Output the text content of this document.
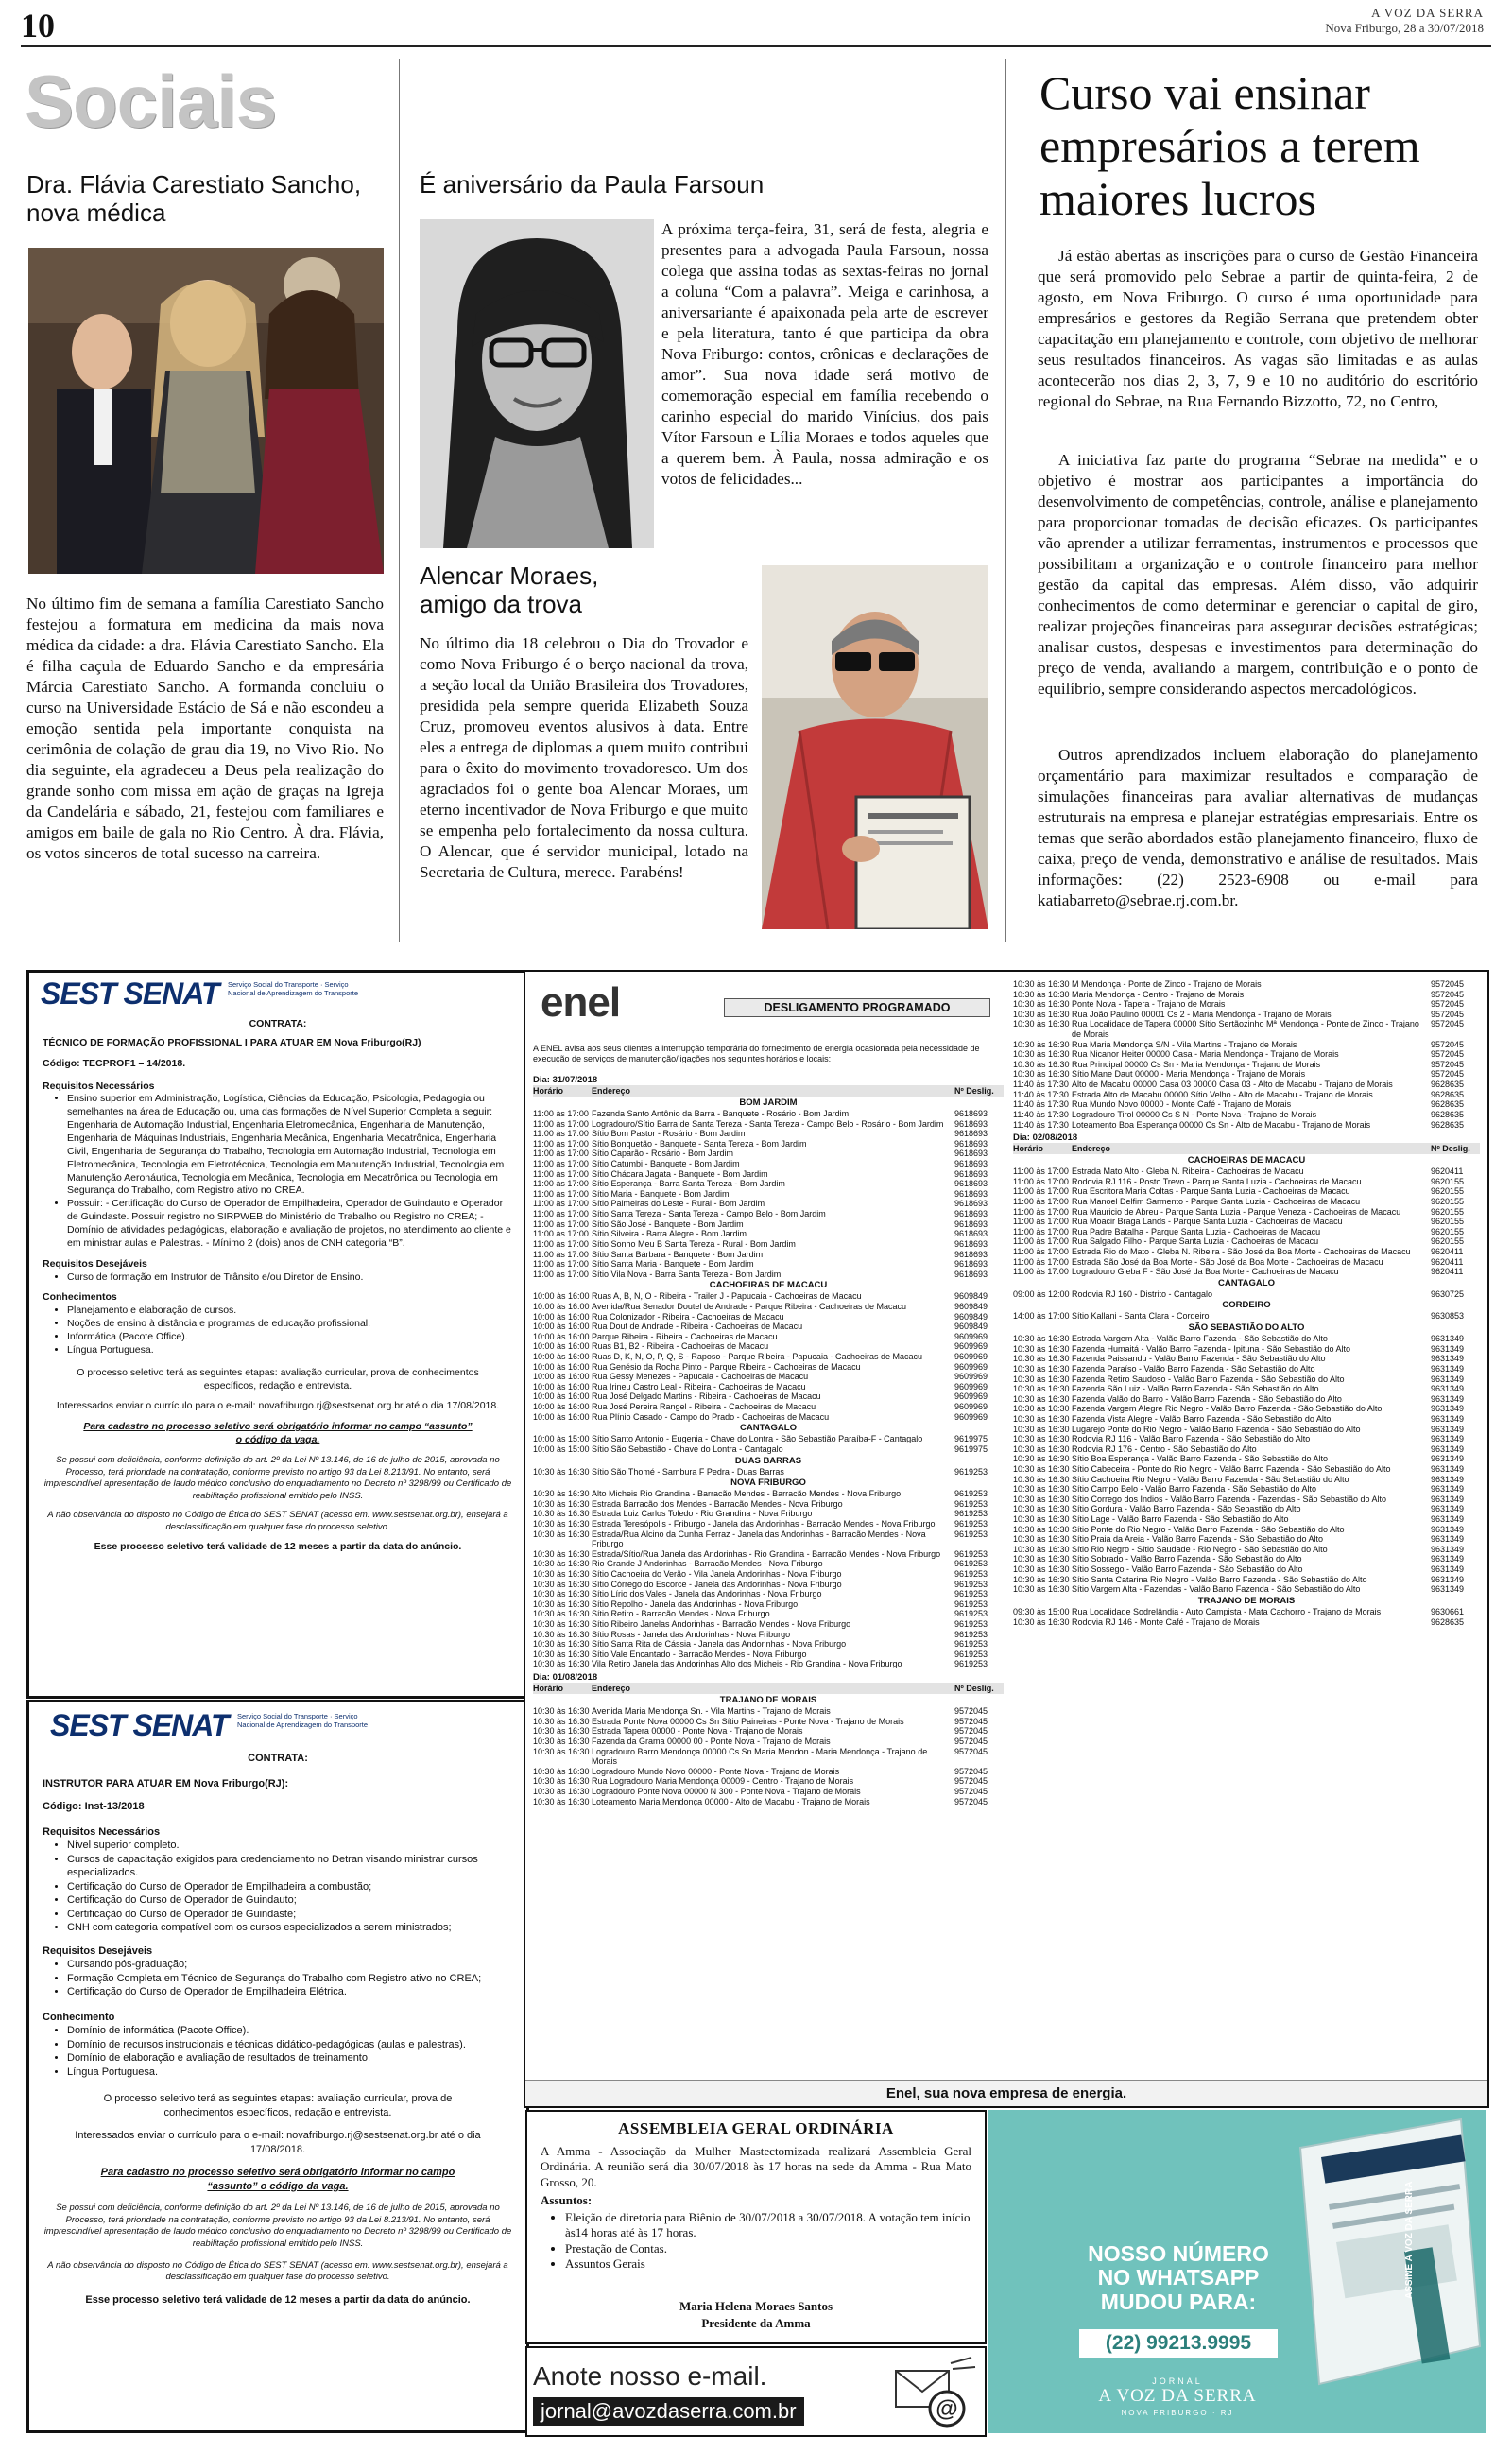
10	A VOZ DA SERRA
Nova Friburgo, 28 a 30/07/2018
Sociais
Dra. Flávia Carestiato Sancho, nova médica
No último fim de semana a família Carestiato Sancho festejou a formatura em medicina da mais nova médica da cidade: a dra. Flávia Carestiato Sancho. Ela é filha caçula de Eduardo Sancho e da empresária Márcia Carestiato Sancho. A formanda concluiu o curso na Universidade Estácio de Sá e não escondeu a emoção sentida pela importante conquista na cerimônia de colação de grau dia 19, no Vivo Rio. No dia seguinte, ela agradeceu a Deus pela realização do grande sonho com missa em ação de graças na Igreja da Candelária e sábado, 21, festejou com familiares e amigos em baile de gala no Rio Centro. À dra. Flávia, os votos sinceros de total sucesso na carreira.
É aniversário da Paula Farsoun
A próxima terça-feira, 31, será de festa, alegria e presentes para a advogada Paula Farsoun, nossa colega que assina todas as sextas-feiras no jornal a coluna “Com a palavra”. Meiga e carinhosa, a aniversariante é apaixonada pela arte de escrever e pela literatura, tanto é que participa da obra Nova Friburgo: contos, crônicas e declarações de amor”. Sua nova idade será motivo de comemoração especial em família recebendo o carinho especial do marido Vinícius, dos pais Vítor Farsoun e Lília Moraes e todos aqueles que a querem bem. À Paula, nossa admiração e os votos de felicidades...
Alencar Moraes, amigo da trova
No último dia 18 celebrou o Dia do Trovador e como Nova Friburgo é o berço nacional da trova, a seção local da União Brasileira dos Trovadores, presidida pela sempre querida Elizabeth Souza Cruz, promoveu eventos alusivos à data. Entre eles a entrega de diplomas a quem muito contribui para o êxito do movimento trovadoresco. Um dos agraciados foi o gente boa Alencar Moraes, um eterno incentivador de Nova Friburgo e que muito se empenha pelo fortalecimento da nossa cultura. O Alencar, que é servidor municipal, lotado na Secretaria de Cultura, merece. Parabéns!
Curso vai ensinar empresários a terem maiores lucros
Já estão abertas as inscrições para o curso de Gestão Financeira que será promovido pelo Sebrae a partir de quinta-feira, 2 de agosto, em Nova Friburgo. O curso é uma oportunidade para empresários e gestores da Região Serrana que pretendem obter capacitação em planejamento e controle, com objetivo de melhorar seus resultados financeiros. As vagas são limitadas e as aulas acontecerão nos dias 2, 3, 7, 9 e 10 no auditório do escritório regional do Sebrae, na Rua Fernando Bizzotto, 72, no Centro,
A iniciativa faz parte do programa “Sebrae na medida” e o objetivo é mostrar aos participantes a importância do desenvolvimento de competências, controle, análise e planejamento para proporcionar tomadas de decisão eficazes. Os participantes vão aprender a utilizar ferramentas, instrumentos e processos que possibilitam a organização e o controle financeiro para melhor gestão da capital das empresas. Além disso, vão adquirir conhecimentos de como determinar e gerenciar o capital de giro, realizar projeções financeiras para assegurar decisões estratégicas; analisar custos, despesas e investimentos para determinação do preço de venda, avaliando a margem, contribuição e o ponto de equilíbrio, sempre considerando aspectos mercadológicos.
Outros aprendizados incluem elaboração do planejamento orçamentário para maximizar resultados e comparação de simulações financeiras para avaliar alternativas de mudanças estruturais na empresa e planejar estratégias empresariais. Entre os temas que serão abordados estão planejamento financeiro, fluxo de caixa, preço de venda, demonstrativo e análise de resultados. Mais informações: (22) 2523-6908 ou e-mail para katiabarreto@sebrae.rj.com.br.
SEST SENAT Serviço Social do Transporte · Serviço Nacional de Aprendizagem do Transporte
CONTRATA:
TÉCNICO DE FORMAÇÃO PROFISSIONAL I PARA ATUAR EM Nova Friburgo(RJ)
Código: TECPROF1 – 14/2018.
Requisitos Necessários
• Ensino superior em Administração, Logística, Ciências da Educação, Psicologia, Pedagogia ou semelhantes na área de Educação ou, uma das formações de Nível Superior Completa a seguir: Engenharia de Automação Industrial, Engenharia Eletromecânica, Engenharia de Manutenção, Engenharia de Máquinas Industriais, Engenharia Mecânica, Engenharia Mecatrônica, Engenharia Civil, Engenharia de Segurança do Trabalho, Tecnologia em Automação Industrial, Tecnologia em Eletromecânica, Tecnologia em Eletrotécnica, Tecnologia em Manutenção Industrial, Tecnologia em Manutenção Aeronáutica, Tecnologia em Mecânica, Tecnologia em Mecatrônica ou Tecnologia em Segurança do Trabalho, com Registro ativo no CREA.
• Possuir: - Certificação do Curso de Operador de Empilhadeira, Operador de Guindauto e Operador de Guindaste. Possuir registro no SIRPWEB do Ministério do Trabalho ou Registro no CREA; - Domínio de atividades pedagógicas, elaboração e avaliação de projetos, no atendimento ao cliente e em ministrar aulas e Palestras. - Mínimo 2 (dois) anos de CNH categoria “B”.
Requisitos Desejáveis
• Curso de formação em Instrutor de Trânsito e/ou Diretor de Ensino.
Conhecimentos
• Planejamento e elaboração de cursos.
• Noções de ensino à distância e programas de educação profissional.
• Informática (Pacote Office).
• Língua Portuguesa.
O processo seletivo terá as seguintes etapas: avaliação curricular, prova de conhecimentos específicos, redação e entrevista.
Interessados enviar o currículo para o e-mail: novafriburgo.rj@sestsenat.org.br até o dia 17/08/2018.
Para cadastro no processo seletivo será obrigatório informar no campo “assunto” o código da vaga.
Se possui com deficiência, conforme definição do art. 2º da Lei Nº 13.146, de 16 de julho de 2015, aprovada no Processo, terá prioridade na contratação, conforme previsto no artigo 93 da Lei 8.213/91. No entanto, será imprescindível apresentação de laudo médico conclusivo do enquadramento no Decreto nº 3298/99 ou Certificado de reabilitação profissional emitido pelo INSS.
A não observância do disposto no Código de Ética do SEST SENAT (acesso em: www.sestsenat.org.br), ensejará a desclassificação em qualquer fase do processo seletivo.
Esse processo seletivo terá validade de 12 meses a partir da data do anúncio.
SEST SENAT Serviço Social do Transporte · Serviço Nacional de Aprendizagem do Transporte
CONTRATA:
INSTRUTOR PARA ATUAR EM Nova Friburgo(RJ):
Código: Inst-13/2018
Requisitos Necessários
• Nível superior completo.
• Cursos de capacitação exigidos para credenciamento no Detran visando ministrar cursos especializados.
• Certificação do Curso de Operador de Empilhadeira a combustão;
• Certificação do Curso de Operador de Guindauto;
• Certificação do Curso de Operador de Guindaste;
• CNH com categoria compatível com os cursos especializados a serem ministrados;
Requisitos Desejáveis
• Cursando pós-graduação;
• Formação Completa em Técnico de Segurança do Trabalho com Registro ativo no CREA;
• Certificação do Curso de Operador de Empilhadeira Elétrica.
Conhecimento
• Domínio de informática (Pacote Office).
• Domínio de recursos instrucionais e técnicas didático-pedagógicas (aulas e palestras).
• Domínio de elaboração e avaliação de resultados de treinamento.
• Língua Portuguesa.
O processo seletivo terá as seguintes etapas: avaliação curricular, prova de conhecimentos específicos, redação e entrevista.
Interessados enviar o currículo para o e-mail: novafriburgo.rj@sestsenat.org.br até o dia 17/08/2018.
Para cadastro no processo seletivo será obrigatório informar no campo “assunto” o código da vaga.
Se possui com deficiência, conforme definição do art. 2º da Lei Nº 13.146, de 16 de julho de 2015, aprovada no Processo, terá prioridade na contratação, conforme previsto no artigo 93 da Lei 8.213/91. No entanto, será imprescindível apresentação de laudo médico conclusivo do enquadramento no Decreto nº 3298/99 ou Certificado de reabilitação profissional emitido pelo INSS.
A não observância do disposto no Código de Ética do SEST SENAT (acesso em: www.sestsenat.org.br), ensejará a desclassificação em qualquer fase do processo seletivo.
Esse processo seletivo terá validade de 12 meses a partir da data do anúncio.
enel	DESLIGAMENTO PROGRAMADO
A ENEL avisa aos seus clientes a interrupção temporária do fornecimento de energia ocasionada pela necessidade de execução de serviços de manutenção/ligações nos seguintes horários e locais:
Dia: 31/07/2018
Horário	Endereço	Nº Deslig.
BOM JARDIM
11:00 às 17:00 Fazenda Santo Antônio da Barra - Banquete - Rosário - Bom Jardim	9618693
11:00 às 17:00 Logradouro/Sítio Barra de Santa Tereza - Santa Tereza - Campo Belo - Rosário - Bom Jardim	9618693
11:00 às 17:00 Sítio Bom Pastor - Rosário - Bom Jardim	9618693
11:00 às 17:00 Sítio Bonquetão - Banquete - Santa Tereza - Bom Jardim	9618693
11:00 às 17:00 Sítio Caparão - Rosário - Bom Jardim	9618693
11:00 às 17:00 Sítio Catumbi - Banquete - Bom Jardim	9618693
11:00 às 17:00 Sítio Chácara Jagata - Banquete - Bom Jardim	9618693
11:00 às 17:00 Sítio Esperança - Barra Santa Tereza - Bom Jardim	9618693
11:00 às 17:00 Sítio Maria - Banquete - Bom Jardim	9618693
11:00 às 17:00 Sítio Palmeiras do Leste - Rural - Bom Jardim	9618693
11:00 às 17:00 Sítio Santa Tereza - Santa Tereza - Campo Belo - Bom Jardim	9618693
11:00 às 17:00 Sítio São José - Banquete - Bom Jardim	9618693
11:00 às 17:00 Sítio Silveira - Barra Alegre - Bom Jardim	9618693
11:00 às 17:00 Sítio Sonho Meu B Santa Tereza - Rural - Bom Jardim	9618693
11:00 às 17:00 Sítio Santa Bárbara - Banquete - Bom Jardim	9618693
11:00 às 17:00 Sítio Santa Maria - Banquete - Bom Jardim	9618693
11:00 às 17:00 Sítio Vila Nova - Barra Santa Tereza - Bom Jardim	9618693
CACHOEIRAS DE MACACU
10:00 às 16:00 Ruas A, B, N, O - Ribeira - Trailer J - Papucaia - Cachoeiras de Macacu	9609849
10:00 às 16:00 Avenida/Rua Senador Doutel de Andrade - Parque Ribeira - Cachoeiras de Macacu	9609849
10:00 às 16:00 Rua Colonizador - Ribeira - Cachoeiras de Macacu	9609849
10:00 às 16:00 Rua Dout de Andrade - Ribeira - Cachoeiras de Macacu	9609849
10:00 às 16:00 Parque Ribeira - Ribeira - Cachoeiras de Macacu	9609969
10:00 às 16:00 Ruas B1, B2 - Ribeira - Cachoeiras de Macacu	9609969
10:00 às 16:00 Ruas D, K, N, O, P, Q, S - Raposo - Parque Ribeira - Papucaia - Cachoeiras de Macacu	9609969
10:00 às 16:00 Rua Genésio da Rocha Pinto - Parque Ribeira - Cachoeiras de Macacu	9609969
10:00 às 16:00 Rua Gessy Menezes - Papucaia - Cachoeiras de Macacu	9609969
10:00 às 16:00 Rua Irineu Castro Leal - Ribeira - Cachoeiras de Macacu	9609969
10:00 às 16:00 Rua José Delgado Martins - Ribeira - Cachoeiras de Macacu	9609969
10:00 às 16:00 Rua José Pereira Rangel - Ribeira - Cachoeiras de Macacu	9609969
10:00 às 16:00 Rua Plínio Casado - Campo do Prado - Cachoeiras de Macacu	9609969
CANTAGALO
10:00 às 15:00 Sítio Santo Antonio - Eugenia - Chave do Lontra - São Sebastião Paraíba-F - Cantagalo	9619975
10:00 às 15:00 Sítio São Sebastião - Chave do Lontra - Cantagalo	9619975
DUAS BARRAS
10:30 às 16:30 Sítio São Thomé - Sambura F Pedra - Duas Barras	9619253
NOVA FRIBURGO
10:30 às 16:30 Alto Micheis Rio Grandina - Barracão Mendes - Barracão Mendes - Nova Friburgo	9619253
10:30 às 16:30 Estrada Barracão dos Mendes - Barracão Mendes - Nova Friburgo	9619253
10:30 às 16:30 Estrada Luiz Carlos Toledo - Rio Grandina - Nova Friburgo	9619253
10:30 às 16:30 Estrada Teresópolis - Friburgo - Janela das Andorinhas - Barracão Mendes - Nova Friburgo	9619253
10:30 às 16:30 Estrada/Rua Alcino da Cunha Ferraz - Janela das Andorinhas - Barracão Mendes - Nova Friburgo
9619253
10:30 às 16:30 Estrada/Sítio/Rua Janela das Andorinhas - Rio Grandina - Barracão Mendes - Nova Friburgo	9619253
10:30 às 16:30 Rio Grande J Andorinhas - Barracão Mendes - Nova Friburgo	9619253
10:30 às 16:30 Sítio Cachoeira do Verão - Vila Janela Andorinhas - Nova Friburgo	9619253
10:30 às 16:30 Sítio Córrego do Escorce - Janela das Andorinhas - Nova Friburgo	9619253
10:30 às 16:30 Sítio Lírio dos Vales - Janela das Andorinhas - Nova Friburgo	9619253
10:30 às 16:30 Sítio Repolho - Janela das Andorinhas - Nova Friburgo	9619253
10:30 às 16:30 Sítio Retiro - Barracão Mendes - Nova Friburgo	9619253
10:30 às 16:30 Sítio Ribeiro Janelas Andorinhas - Barracão Mendes - Nova Friburgo	9619253
10:30 às 16:30 Sítio Rosas - Janela das Andorinhas - Nova Friburgo	9619253
10:30 às 16:30 Sítio Santa Rita de Cássia - Janela das Andorinhas - Nova Friburgo	9619253
10:30 às 16:30 Sítio Vale Encantado - Barracão Mendes - Nova Friburgo	9619253
10:30 às 16:30 Vila Retiro Janela das Andorinhas Alto dos Micheis - Rio Grandina - Nova Friburgo	9619253
Dia: 01/08/2018
Horário	Endereço	Nº Deslig.
TRAJANO DE MORAIS
10:30 às 16:30 Avenida Maria Mendonça Sn. - Vila Martins - Trajano de Morais	9572045
10:30 às 16:30 Estrada Ponte Nova 00000 Cs Sn Sítio Paineiras - Ponte Nova - Trajano de Morais	9572045
10:30 às 16:30 Estrada Tapera 00000 - Ponte Nova - Trajano de Morais	9572045
10:30 às 16:30 Fazenda da Grama 00000 00 - Ponte Nova - Trajano de Morais	9572045
10:30 às 16:30 Logradouro Barro Mendonça 00000 Cs Sn Maria Mendon - Maria Mendonça - Trajano de Morais
9572045
10:30 às 16:30 Logradouro Mundo Novo 00000 - Ponte Nova - Trajano de Morais	9572045
10:30 às 16:30 Rua Logradouro Maria Mendonça 00009 - Centro - Trajano de Morais	9572045
10:30 às 16:30 Logradouro Ponte Nova 00000 N 300 - Ponte Nova - Trajano de Morais	9572045
10:30 às 16:30 Loteamento Maria Mendonça 00000 - Alto de Macabu - Trajano de Morais	9572045
10:30 às 16:30 M Mendonça - Ponte de Zinco - Trajano de Morais	9572045
10:30 às 16:30 Maria Mendonça - Centro - Trajano de Morais	9572045
10:30 às 16:30 Ponte Nova - Tapera - Trajano de Morais	9572045
10:30 às 16:30 Rua João Paulino 00001 Cs 2 - Maria Mendonça - Trajano de Morais	9572045
10:30 às 16:30 Rua Localidade de Tapera 00000 Sítio Sertãozinho Mª Mendonça - Ponte de Zinco - Trajano de Morais
9572045
10:30 às 16:30 Rua Maria Mendonça S/N - Vila Martins - Trajano de Morais	9572045
10:30 às 16:30 Rua Nicanor Heiter 00000 Casa - Maria Mendonça - Trajano de Morais	9572045
10:30 às 16:30 Rua Principal 00000 Cs Sn - Maria Mendonça - Trajano de Morais	9572045
10:30 às 16:30 Sítio Mane Daut 00000 - Maria Mendonça - Trajano de Morais	9572045
11:40 às 17:30 Alto de Macabu 00000 Casa 03 00000 Casa 03 - Alto de Macabu - Trajano de Morais	9628635
11:40 às 17:30 Estrada Alto de Macabu 00000 Sítio Velho - Alto de Macabu - Trajano de Morais	9628635
11:40 às 17:30 Rua Mundo Novo 00000 - Monte Café - Trajano de Morais	9628635
11:40 às 17:30 Logradouro Tirol 00000 Cs S N - Ponte Nova - Trajano de Morais	9628635
11:40 às 17:30 Loteamento Boa Esperança 00000 Cs Sn - Alto de Macabu - Trajano de Morais	9628635
Dia: 02/08/2018
Horário	Endereço	Nº Deslig.
CACHOEIRAS DE MACACU
11:00 às 17:00 Estrada Mato Alto - Gleba N. Ribeira - Cachoeiras de Macacu	9620411
11:00 às 17:00 Rodovia RJ 116 - Posto Trevo - Parque Santa Luzia - Cachoeiras de Macacu	9620155
11:00 às 17:00 Rua Escritora Maria Coltas - Parque Santa Luzia - Cachoeiras de Macacu	9620155
11:00 às 17:00 Rua Manoel Delfim Sarmento - Parque Santa Luzia - Cachoeiras de Macacu	9620155
11:00 às 17:00 Rua Mauricio de Abreu - Parque Santa Luzia - Parque Veneza - Cachoeiras de Macacu	9620155
11:00 às 17:00 Rua Moacir Braga Lands - Parque Santa Luzia - Cachoeiras de Macacu	9620155
11:00 às 17:00 Rua Padre Batalha - Parque Santa Luzia - Cachoeiras de Macacu	9620155
11:00 às 17:00 Rua Salgado Filho - Parque Santa Luzia - Cachoeiras de Macacu	9620155
11:00 às 17:00 Estrada Rio do Mato - Gleba N. Ribeira - São José da Boa Morte - Cachoeiras de Macacu	9620411
11:00 às 17:00 Estrada São José da Boa Morte - São José da Boa Morte - Cachoeiras de Macacu	9620411
11:00 às 17:00 Logradouro Gleba F - São José da Boa Morte - Cachoeiras de Macacu	9620411
CANTAGALO
09:00 às 12:00 Rodovia RJ 160 - Distrito - Cantagalo	9630725
CORDEIRO
14:00 às 17:00 Sítio Kallani - Santa Clara - Cordeiro	9630853
SÃO SEBASTIÃO DO ALTO
10:30 às 16:30 Estrada Vargem Alta - Valão Barro Fazenda - São Sebastião do Alto	9631349
10:30 às 16:30 Fazenda Humaitá - Valão Barro Fazenda - Ipituna - São Sebastião do Alto	9631349
10:30 às 16:30 Fazenda Paissandu - Valão Barro Fazenda - São Sebastião do Alto	9631349
10:30 às 16:30 Fazenda Paraíso - Valão Barro Fazenda - São Sebastião do Alto	9631349
10:30 às 16:30 Fazenda Retiro Saudoso - Valão Barro Fazenda - São Sebastião do Alto	9631349
10:30 às 16:30 Fazenda São Luiz - Valão Barro Fazenda - São Sebastião do Alto	9631349
10:30 às 16:30 Fazenda Valão do Barro - Valão Barro Fazenda - São Sebastião do Alto	9631349
10:30 às 16:30 Fazenda Vargem Alegre Rio Negro - Valão Barro Fazenda - São Sebastião do Alto	9631349
10:30 às 16:30 Fazenda Vista Alegre - Valão Barro Fazenda - São Sebastião do Alto	9631349
10:30 às 16:30 Lugarejo Ponte do Rio Negro - Valão Barro Fazenda - São Sebastião do Alto	9631349
10:30 às 16:30 Rodovia RJ 116 - Valão Barro Fazenda - São Sebastião do Alto	9631349
10:30 às 16:30 Rodovia RJ 176 - Centro - São Sebastião do Alto	9631349
10:30 às 16:30 Sítio Boa Esperança - Valão Barro Fazenda - São Sebastião do Alto	9631349
10:30 às 16:30 Sítio Cabeceira - Ponte do Rio Negro - Valão Barro Fazenda - São Sebastião do Alto	9631349
10:30 às 16:30 Sítio Cachoeira Rio Negro - Valão Barro Fazenda - São Sebastião do Alto	9631349
10:30 às 16:30 Sítio Campo Belo - Valão Barro Fazenda - São Sebastião do Alto	9631349
10:30 às 16:30 Sítio Corrego dos Índios - Valão Barro Fazenda - Fazendas - São Sebastião do Alto	9631349
10:30 às 16:30 Sítio Gordura - Valão Barro Fazenda - São Sebastião do Alto	9631349
10:30 às 16:30 Sítio Lage - Valão Barro Fazenda - São Sebastião do Alto	9631349
10:30 às 16:30 Sítio Ponte do Rio Negro - Valão Barro Fazenda - São Sebastião do Alto	9631349
10:30 às 16:30 Sítio Praia da Areia - Valão Barro Fazenda - São Sebastião do Alto	9631349
10:30 às 16:30 Sítio Rio Negro - Sítio Saudade - Rio Negro - São Sebastião do Alto	9631349
10:30 às 16:30 Sítio Sobrado - Valão Barro Fazenda - São Sebastião do Alto	9631349
10:30 às 16:30 Sítio Sossego - Valão Barro Fazenda - São Sebastião do Alto	9631349
10:30 às 16:30 Sítio Santa Catarina Rio Negro - Valão Barro Fazenda - São Sebastião do Alto	9631349
10:30 às 16:30 Sítio Vargem Alta - Fazendas - Valão Barro Fazenda - São Sebastião do Alto	9631349
TRAJANO DE MORAIS
09:30 às 15:00 Rua Localidade Sodrelândia - Auto Campista - Mata Cachorro - Trajano de Morais	9630661
10:30 às 16:30 Rodovia RJ 146 - Monte Café - Trajano de Morais	9628635
Enel, sua nova empresa de energia.
ASSEMBLEIA GERAL ORDINÁRIA
A Amma - Associação da Mulher Mastectomizada realizará Assembleia Geral Ordinária. A reunião será dia 30/07/2018 às 17 horas na sede da Amma - Rua Mato Grosso, 20.
Assuntos:
• Eleição de diretoria para Biênio de 30/07/2018 a 30/07/2018. A votação tem início às14 horas até às 17 horas.
• Prestação de Contas.
• Assuntos Gerais
Maria Helena Moraes Santos
Presidente da Amma
Anote nosso e-mail.
jornal@avozdaserra.com.br	@
ASSINE A VOZ DA SERRA
NOSSO NÚMERO NO WHATSAPP MUDOU PARA:
(22) 99213.9995
JORNAL
A VOZ DA SERRA
NOVA FRIBURGO · RJ
